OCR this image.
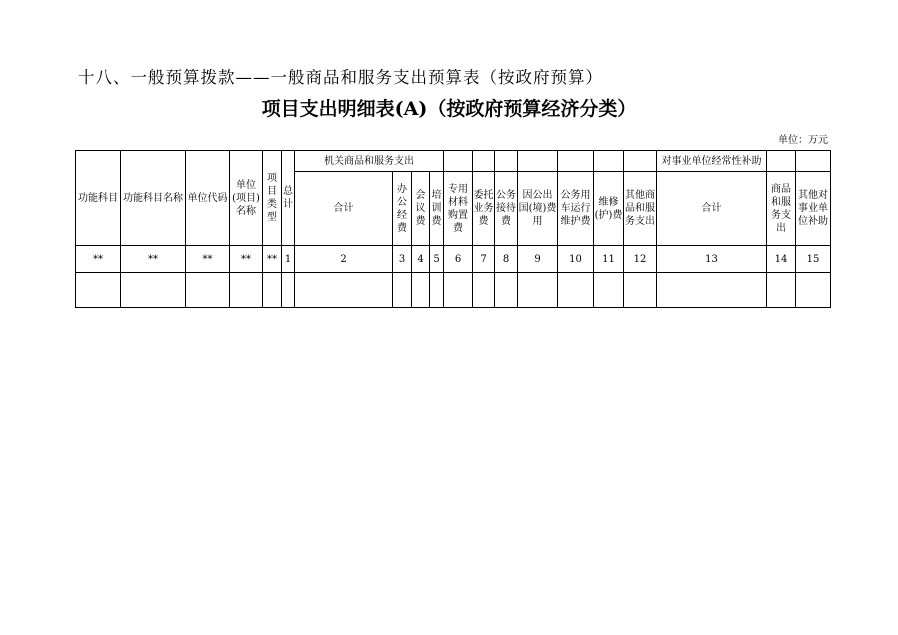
十八、一般预算拨款——一般商品和服务支出预算表（按政府预算）
项目支出明细表(A)（按政府预算经济分类）
单位：万元
功能科目	功能科目名称	单位代码	单位(项目)名称	项目类型	总计	机关商品和服务支出											对事业单位经常性补助		
						合计	办公经费	会议费	培训费	专用材料购置费	委托业务费	公务接待费	因公出国(境)费用	公务用车运行维护费	维修(护)费	其他商品和服务支出	合计	商品和服务支出	其他对事业单位补助
**	**	**	**	**	1	2	3	4	5	6	7	8	9	10	11	12	13	14	15
